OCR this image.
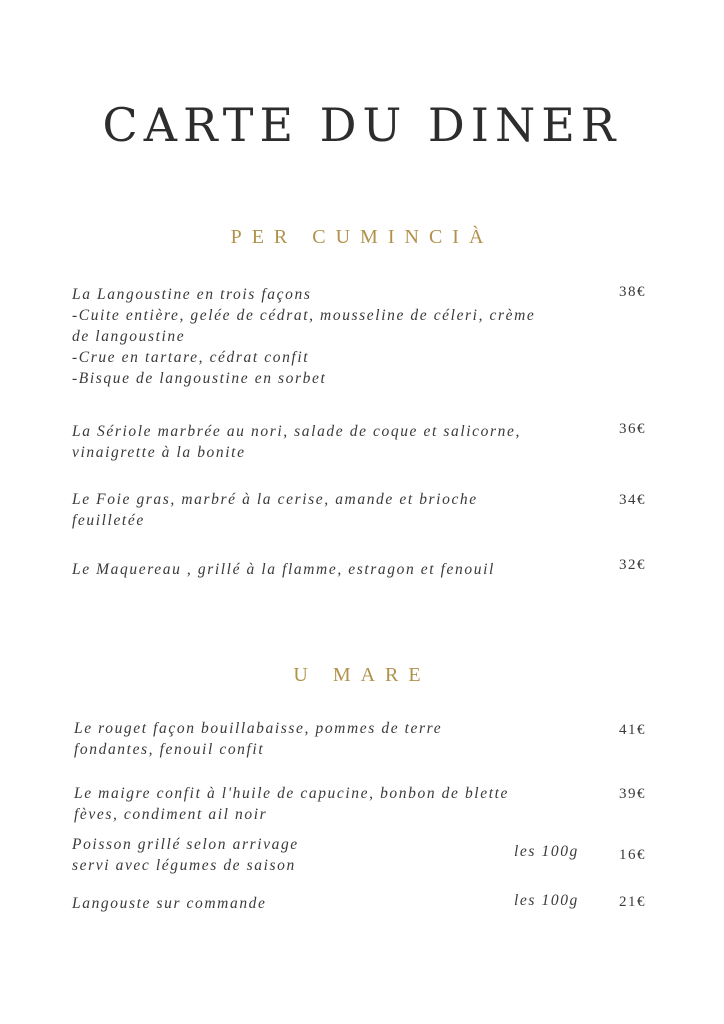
CARTE DU DINER
PER CUMINCIÀ
La Langoustine en trois façons
-Cuite entière, gelée de cédrat, mousseline de céleri, crème
de langoustine
-Crue en tartare, cédrat confit
-Bisque de langoustine en sorbet
38€
La Sériole marbrée au nori, salade de coque et salicorne,
vinaigrette à la bonite
36€
Le Foie gras, marbré à la cerise, amande et brioche
feuilletée
34€
Le Maquereau , grillé à la flamme, estragon et fenouil	32€
U MARE
Le rouget façon bouillabaisse, pommes de terre
fondantes, fenouil confit
41€
Le maigre confit à l'huile de capucine, bonbon de blette
fèves, condiment ail noir
39€
Poisson grillé selon arrivage
servi avec légumes de saison
les 100g	16€
Langouste sur commande	les 100g	21€
